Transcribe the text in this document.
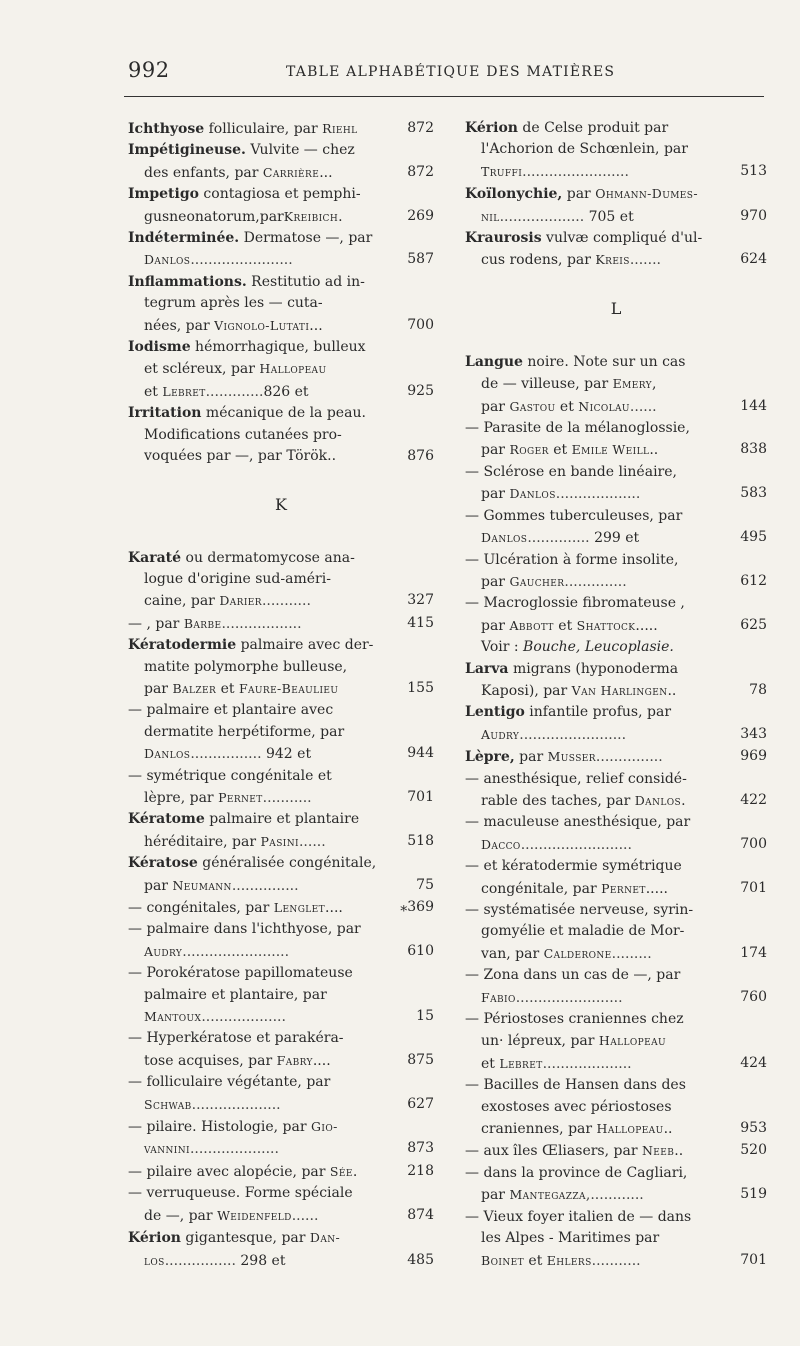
992	TABLE ALPHABÉTIQUE DES MATIÈRES
Ichthyose folliculaire, par Riehl	872
Impétigineuse. Vulvite — chez
des enfants, par Carrière...	872
Impetigo contagiosa et pemphi-
gusneonatorum,parKreibich.	269
Indéterminée. Dermatose —, par
Danlos.......................	587
Inflammations. Restitutio ad in-
tegrum après les — cuta-
nées, par Vignolo-Lutati...	700
Iodisme hémorrhagique, bulleux
et scléreux, par Hallopeau
et Lebret.............826 et	925
Irritation mécanique de la peau.
Modifications cutanées pro-
voquées par —, par Török..	876
K
Karaté ou dermatomycose ana-
logue d'origine sud-améri-
caine, par Darier...........	327
— , par Barbe..................	415
Kératodermie palmaire avec der-
matite polymorphe bulleuse,
par Balzer et Faure-Beaulieu	155
— palmaire et plantaire avec
dermatite herpétiforme, par
Danlos................ 942 et	944
— symétrique congénitale et
lèpre, par Pernet...........	701
Kératome palmaire et plantaire
héréditaire, par Pasini......	518
Kératose généralisée congénitale,
par Neumann...............	75
— congénitales, par Lenglet....	⁎369
— palmaire dans l'ichthyose, par
Audry........................	610
— Porokératose papillomateuse
palmaire et plantaire, par
Mantoux...................	15
— Hyperkératose et parakéra-
tose acquises, par Fabry....	875
— folliculaire végétante, par
Schwab....................	627
— pilaire. Histologie, par Gio-
vannini....................	873
— pilaire avec alopécie, par Sée.	218
— verruqueuse. Forme spéciale
de —, par Weidenfeld......	874
Kérion gigantesque, par Dan-
los................ 298 et	485
Kérion de Celse produit par
l'Achorion de Schœnlein, par
Truffi........................	513
Koïlonychie, par Ohmann-Dumes-
nil................... 705 et	970
Kraurosis vulvæ compliqué d'ul-
cus rodens, par Kreis.......	624
L
Langue noire. Note sur un cas
de — villeuse, par Emery,
par Gastou et Nicolau......	144
— Parasite de la mélanoglossie,
par Roger et Emile Weill..	838
— Sclérose en bande linéaire,
par Danlos...................	583
— Gommes tuberculeuses, par
Danlos.............. 299 et	495
— Ulcération à forme insolite,
par Gaucher..............	612
— Macroglossie fibromateuse ,
par Abbott et Shattock.....	625
Voir : Bouche, Leucoplasie.
Larva migrans (hyponoderma
Kaposi), par Van Harlingen..	78
Lentigo infantile profus, par
Audry........................	343
Lèpre, par Musser...............	969
— anesthésique, relief considé-
rable des taches, par Danlos.	422
— maculeuse anesthésique, par
Dacco.........................	700
— et kératodermie symétrique
congénitale, par Pernet.....	701
— systématisée nerveuse, syrin-
gomyélie et maladie de Mor-
van, par Calderone.........	174
— Zona dans un cas de —, par
Fabio........................	760
— Périostoses craniennes chez
un· lépreux, par Hallopeau
et Lebret....................	424
— Bacilles de Hansen dans des
exostoses avec périostoses
craniennes, par Hallopeau..	953
— aux îles Œliasers, par Neeb..	520
— dans la province de Cagliari,
par Mantegazza,............	519
— Vieux foyer italien de — dans
les Alpes - Maritimes par
Boinet et Ehlers...........	701
